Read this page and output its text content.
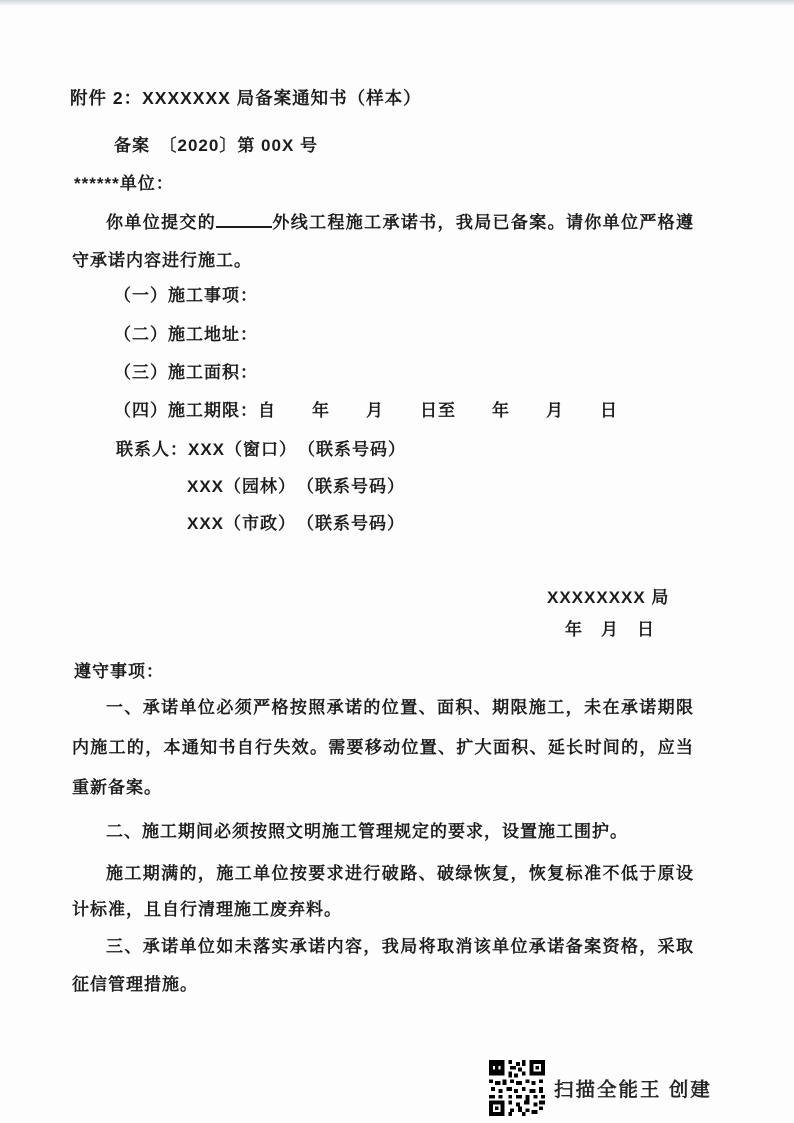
附件 2：XXXXXXX 局备案通知书（样本）
备案　〔2020〕第 00X 号
******单位：

你单位提交的	外线工程施工承诺书，我局已备案。请你单位严格遵守承诺内容进行施工。

（一）施工事项：
（二）施工地址：
（三）施工面积：
（四）施工期限：自　　年　　月　　日至　　年　　月　　日
联系人：XXX（窗口）　（联系号码）
XXX（园林）　（联系号码）
XXX（市政）　（联系号码）
XXXXXXXX 局
年　月　日
遵守事项：

一、承诺单位必须严格按照承诺的位置、面积、期限施工，未在承诺期限内施工的，本通知书自行失效。需要移动位置、扩大面积、延长时间的，应当重新备案。

二、施工期间必须按照文明施工管理规定的要求，设置施工围护。

施工期满的，施工单位按要求进行破路、破绿恢复，恢复标准不低于原设计标准，且自行清理施工废弃料。

三、承诺单位如未落实承诺内容，我局将取消该单位承诺备案资格，采取征信管理措施。

扫描全能王 创建
